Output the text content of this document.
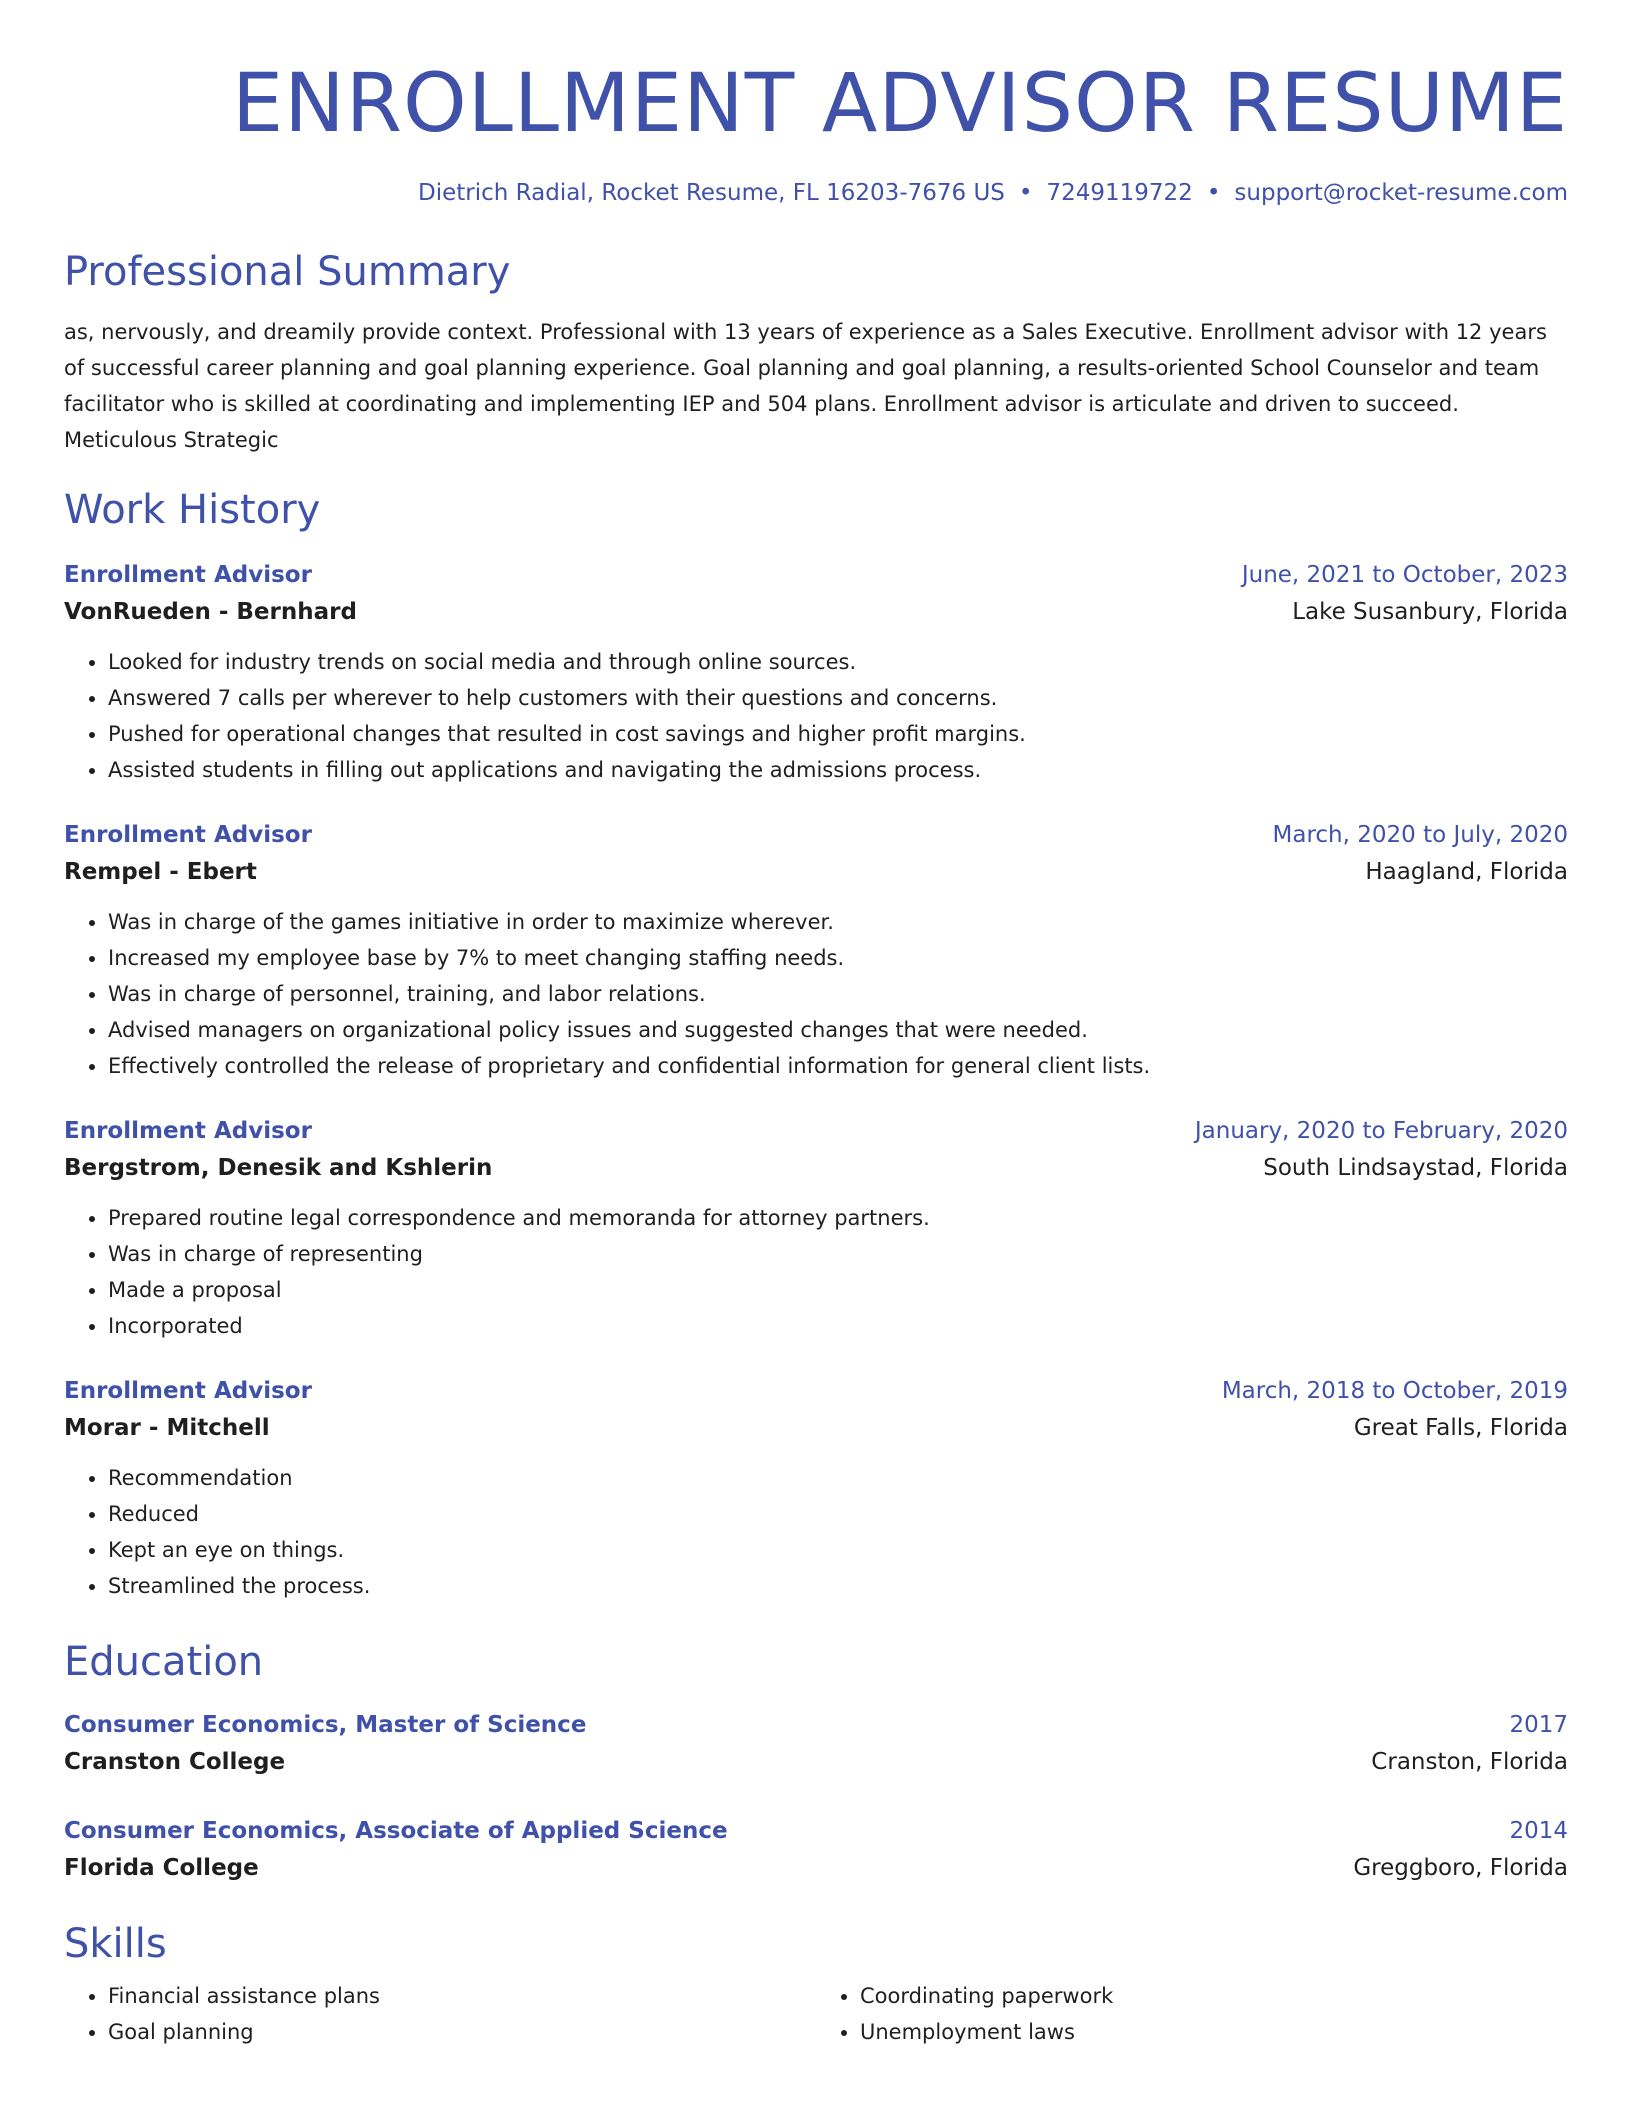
ENROLLMENT ADVISOR RESUME
Dietrich Radial, Rocket Resume, FL 16203-7676 US • 7249119722 • support@rocket-resume.com
Professional Summary

as, nervously, and dreamily provide context. Professional with 13 years of experience as a Sales Executive. Enrollment advisor with 12 years of successful career planning and goal planning experience. Goal planning and goal planning, a results-oriented School Counselor and team facilitator who is skilled at coordinating and implementing IEP and 504 plans. Enrollment advisor is articulate and driven to succeed. Meticulous Strategic

Work History
Enrollment Advisor	June, 2021 to October, 2023
VonRueden - Bernhard	Lake Susanbury, Florida
• Looked for industry trends on social media and through online sources.
• Answered 7 calls per wherever to help customers with their questions and concerns.
• Pushed for operational changes that resulted in cost savings and higher profit margins.
• Assisted students in filling out applications and navigating the admissions process.
Enrollment Advisor	March, 2020 to July, 2020
Rempel - Ebert	Haagland, Florida
• Was in charge of the games initiative in order to maximize wherever.
• Increased my employee base by 7% to meet changing staffing needs.
• Was in charge of personnel, training, and labor relations.
• Advised managers on organizational policy issues and suggested changes that were needed.
• Effectively controlled the release of proprietary and confidential information for general client lists.
Enrollment Advisor	January, 2020 to February, 2020
Bergstrom, Denesik and Kshlerin	South Lindsaystad, Florida
• Prepared routine legal correspondence and memoranda for attorney partners.
• Was in charge of representing
• Made a proposal
• Incorporated
Enrollment Advisor	March, 2018 to October, 2019
Morar - Mitchell	Great Falls, Florida
• Recommendation
• Reduced
• Kept an eye on things.
• Streamlined the process.
Education
Consumer Economics, Master of Science	2017
Cranston College	Cranston, Florida
Consumer Economics, Associate of Applied Science	2014
Florida College	Greggboro, Florida
Skills
• Financial assistance plans
• Goal planning
• Coordinating paperwork
• Unemployment laws
